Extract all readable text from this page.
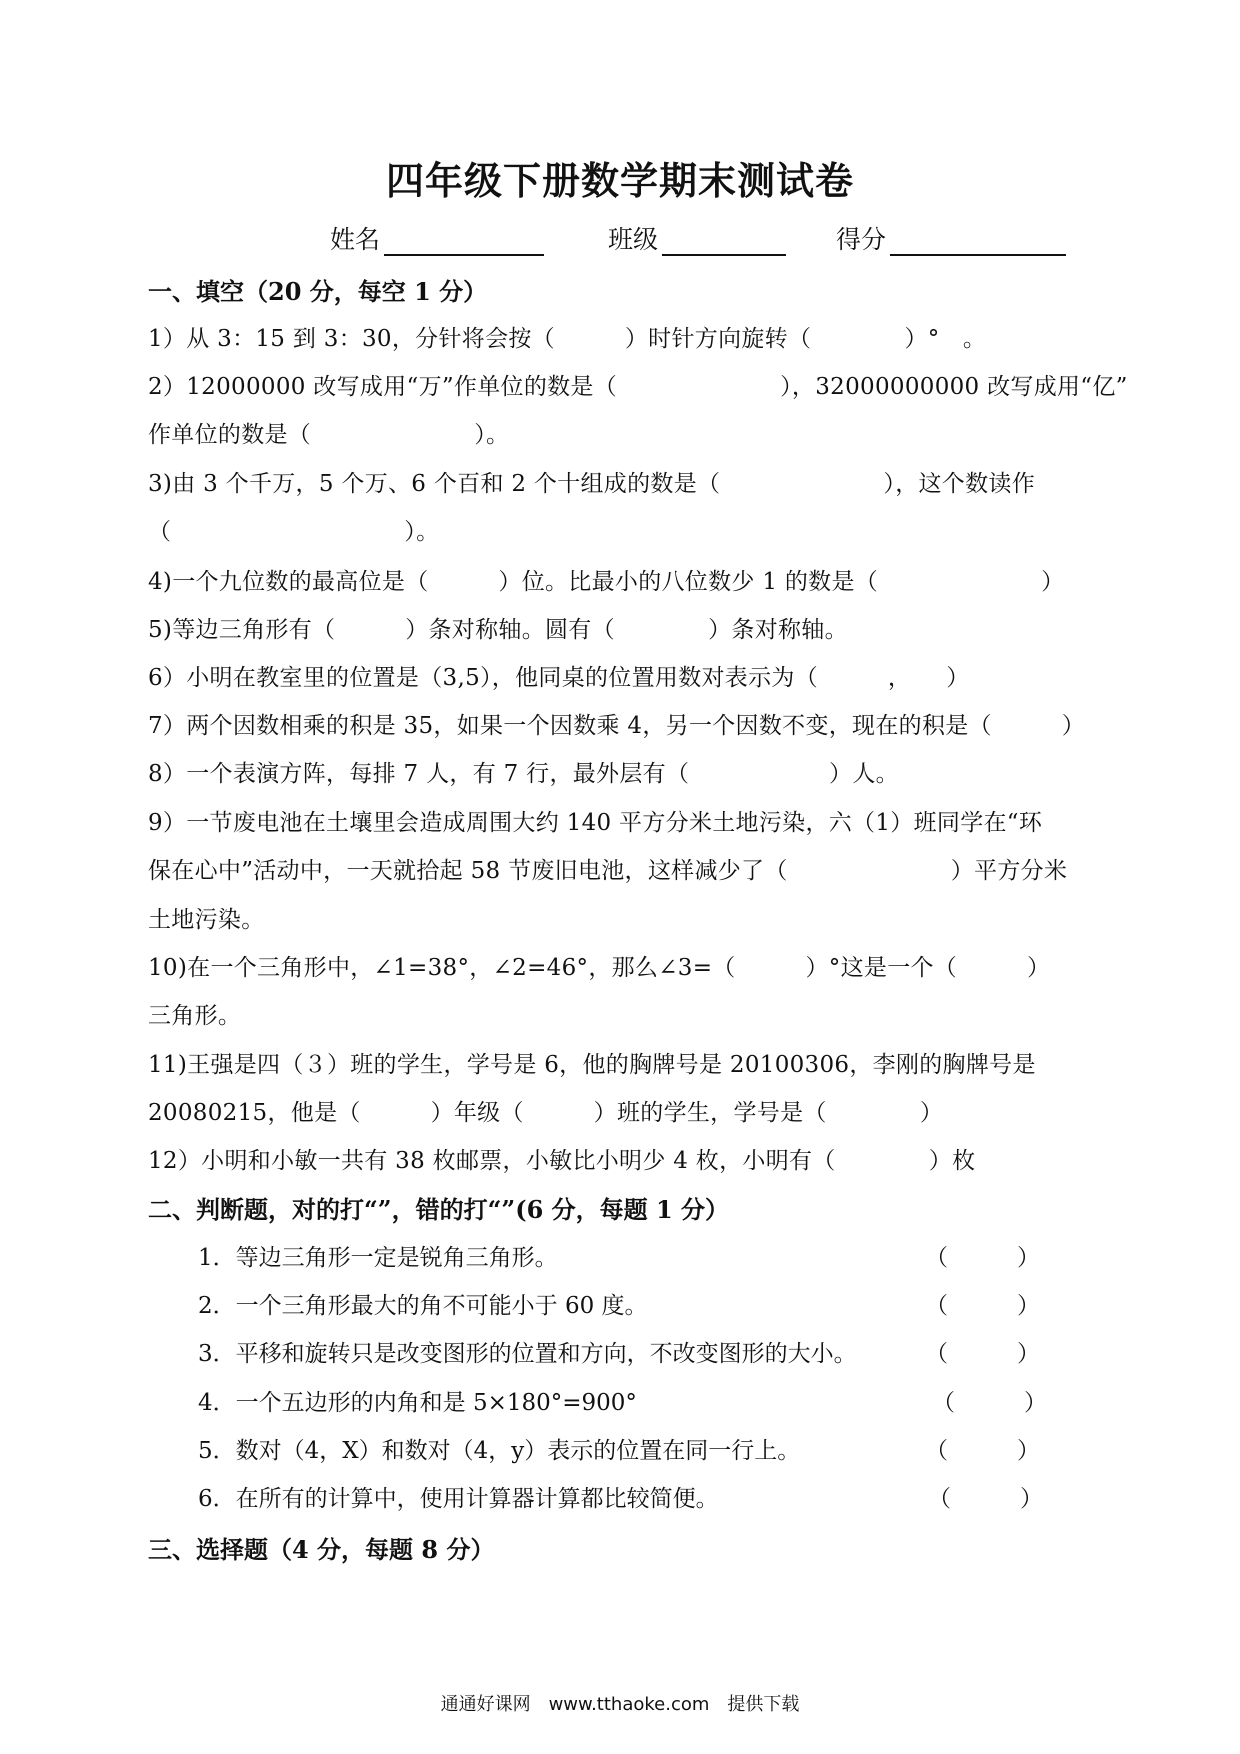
四年级下册数学期末测试卷
姓名	班级	得分
一、填空（20 分，每空 1 分）
1）从 3：15 到 3：30，分针将会按（　　　）时针方向旋转（　　　　）°　。
2）12000000 改写成用“万”作单位的数是（　　　　　　　），32000000000 改写成用“亿”
作单位的数是（　　　　　　　）。
3)由 3 个千万，5 个万、6 个百和 2 个十组成的数是（　　　　　　　），这个数读作
（　　　　　　　　　　）。
4)一个九位数的最高位是（　　　）位。比最小的八位数少 1 的数是（　　　　　　　）
5)等边三角形有（　　　）条对称轴。圆有（　　　　）条对称轴。
6）小明在教室里的位置是（3,5），他同桌的位置用数对表示为（　　　，　　）
7）两个因数相乘的积是 35，如果一个因数乘 4，另一个因数不变，现在的积是（　　　）
8）一个表演方阵，每排 7 人，有 7 行，最外层有（　　　　　　）人。
9）一节废电池在土壤里会造成周围大约 140 平方分米土地污染，六（1）班同学在“环
保在心中”活动中，一天就拾起 58 节废旧电池，这样减少了（　　　　　　　）平方分米
土地污染。
10)在一个三角形中，∠1=38°，∠2=46°，那么∠3=（　　　）°这是一个（　　　）
三角形。
11)王强是四（３）班的学生，学号是 6，他的胸牌号是 20100306，李刚的胸牌号是
20080215，他是（　　　）年级（　　　）班的学生，学号是（　　　　）
12）小明和小敏一共有 38 枚邮票，小敏比小明少 4 枚，小明有（　　　　）枚
二、判断题，对的打“”，错的打“”(6 分，每题 1 分）
1．等边三角形一定是锐角三角形。	（　　　）
2．一个三角形最大的角不可能小于 60 度。	（　　　）
3．平移和旋转只是改变图形的位置和方向，不改变图形的大小。	（　　　）
4．一个五边形的内角和是 5×180°=900°	（　　　）
5．数对（4，X）和数对（4，y）表示的位置在同一行上。	（　　　）
6．在所有的计算中，使用计算器计算都比较简便。	（　　　）
三、选择题（4 分，每题 8 分）
通通好课网　www.tthaoke.com　提供下载
